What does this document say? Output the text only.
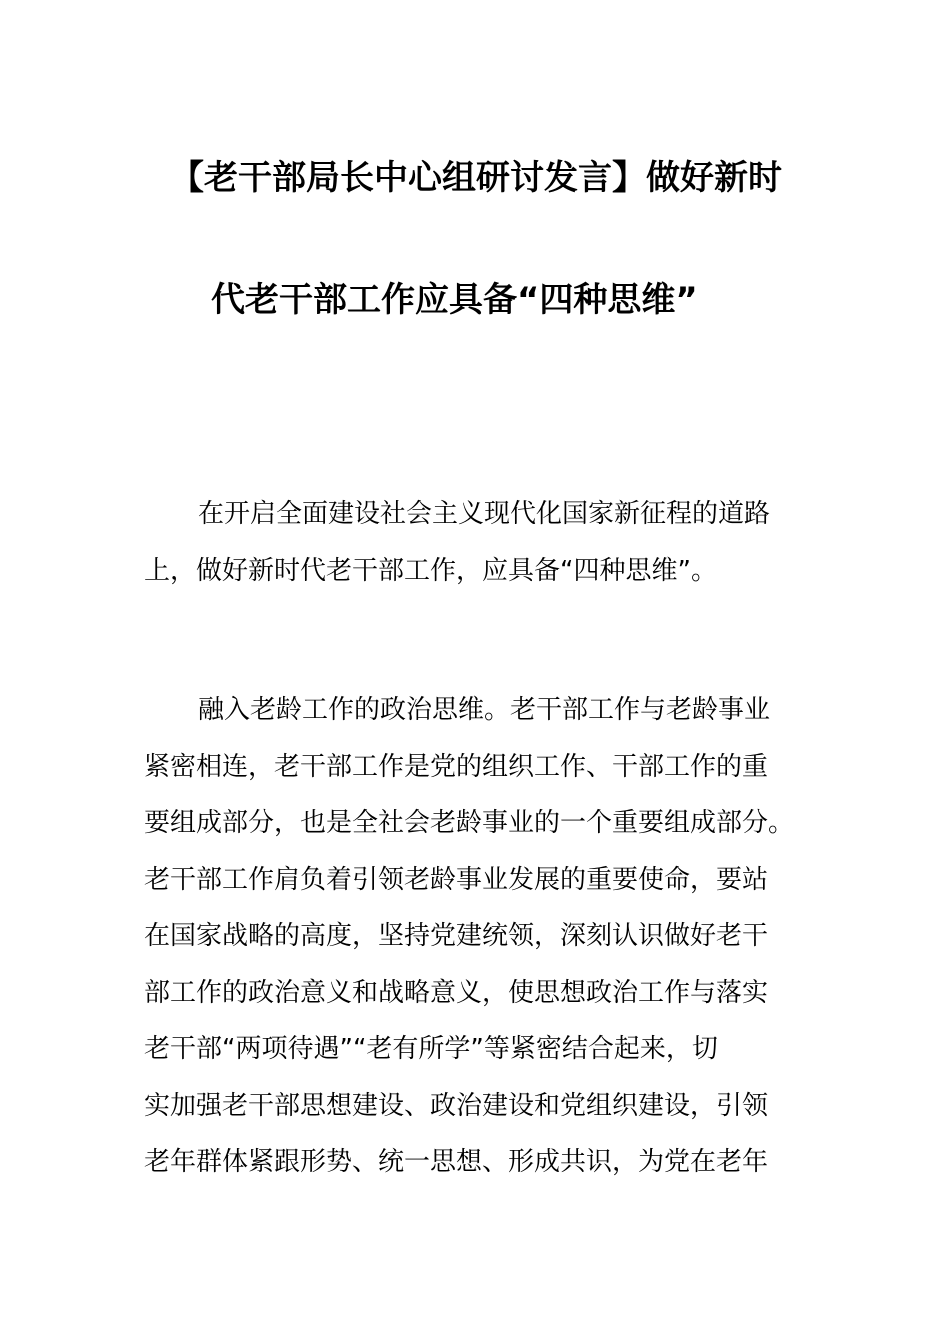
【老干部局长中心组研讨发言】做好新时
代老干部工作应具备“四种思维”

在开启全面建设社会主义现代化国家新征程的道路
上，做好新时代老干部工作，应具备“四种思维”。

融入老龄工作的政治思维。老干部工作与老龄事业
紧密相连，老干部工作是党的组织工作、干部工作的重
要组成部分，也是全社会老龄事业的一个重要组成部分。
老干部工作肩负着引领老龄事业发展的重要使命，要站
在国家战略的高度，坚持党建统领，深刻认识做好老干
部工作的政治意义和战略意义，使思想政治工作与落实
老干部“两项待遇”“老有所学”等紧密结合起来，切
实加强老干部思想建设、政治建设和党组织建设，引领
老年群体紧跟形势、统一思想、形成共识，为党在老年
